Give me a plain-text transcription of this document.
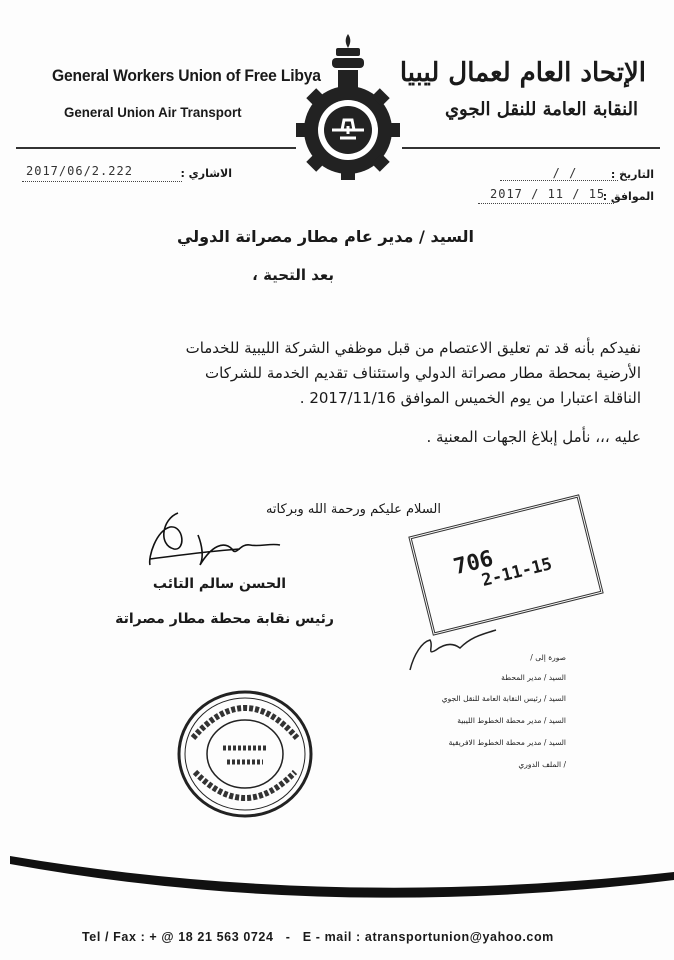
General Workers Union of Free Libya
General Union Air Transport
الإتحاد العام لعمال ليبيا
النقابة العامة للنقل الجوي
2017/06/2.222	الاشاري :	التاريخ :
/ /
الموافق :
2017 / 11 / 15
السيد / مدير عام مطار مصراتة الدولي
بعد التحية ،
نفيدكم بأنه قد تم تعليق الاعتصام من قبل موظفي الشركة الليبية للخدمات
الأرضية بمحطة مطار مصراتة الدولي واستئناف تقديم الخدمة للشركات
الناقلة اعتبارا من يوم الخميس الموافق 2017/11/16 .
عليه ،،، نأمل إبلاغ الجهات المعنية .
السلام عليكم ورحمة الله وبركاته
الحسن سالم التائب
رئيس نقابة محطة مطار مصراتة
706
2-11-15
صورة إلى /
السيد / مدير المحطة
السيد / رئيس النقابة العامة للنقل الجوي
السيد / مدير محطة الخطوط الليبية
السيد / مدير محطة الخطوط الافريقية
/ الملف الدوري
Tel / Fax : + @ 18 21 563 0724   -   E - mail : atransportunion@yahoo.com
